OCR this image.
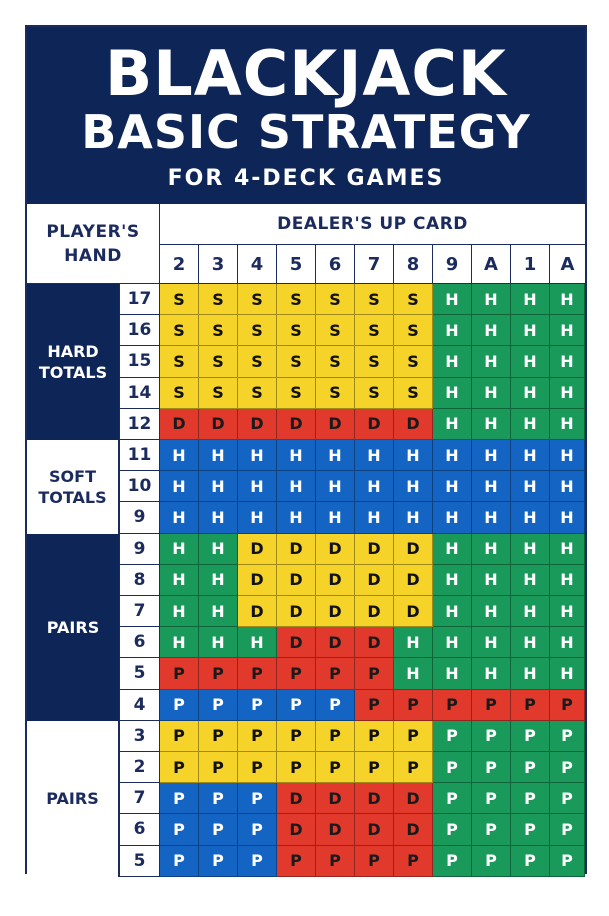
BLACKJACK
BASIC STRATEGY
FOR 4-DECK GAMES
PLAYER'S HAND
DEALER'S UP CARD
2	3	4	5	6	7	8	9	A	1	A
HARD TOTALS
17	S	S	S	S	S	S	S	H	H	H	H
16	S	S	S	S	S	S	S	H	H	H	H
15	S	S	S	S	S	S	S	H	H	H	H
14	S	S	S	S	S	S	S	H	H	H	H
12	D	D	D	D	D	D	D	H	H	H	H
SOFT TOTALS
11	H	H	H	H	H	H	H	H	H	H	H
10	H	H	H	H	H	H	H	H	H	H	H
9	H	H	H	H	H	H	H	H	H	H	H
PAIRS
9	H	H	D	D	D	D	D	H	H	H	H
8	H	H	D	D	D	D	D	H	H	H	H
7	H	H	D	D	D	D	D	H	H	H	H
6	H	H	H	D	D	D	H	H	H	H	H
5	P	P	P	P	P	P	H	H	H	H	H
4	P	P	P	P	P	P	P	P	P	P	P
PAIRS
3	P	P	P	P	P	P	P	P	P	P	P
2	P	P	P	P	P	P	P	P	P	P	P
7	P	P	P	D	D	D	D	P	P	P	P
6	P	P	P	D	D	D	D	P	P	P	P
5	P	P	P	P	P	P	P	P	P	P	P
